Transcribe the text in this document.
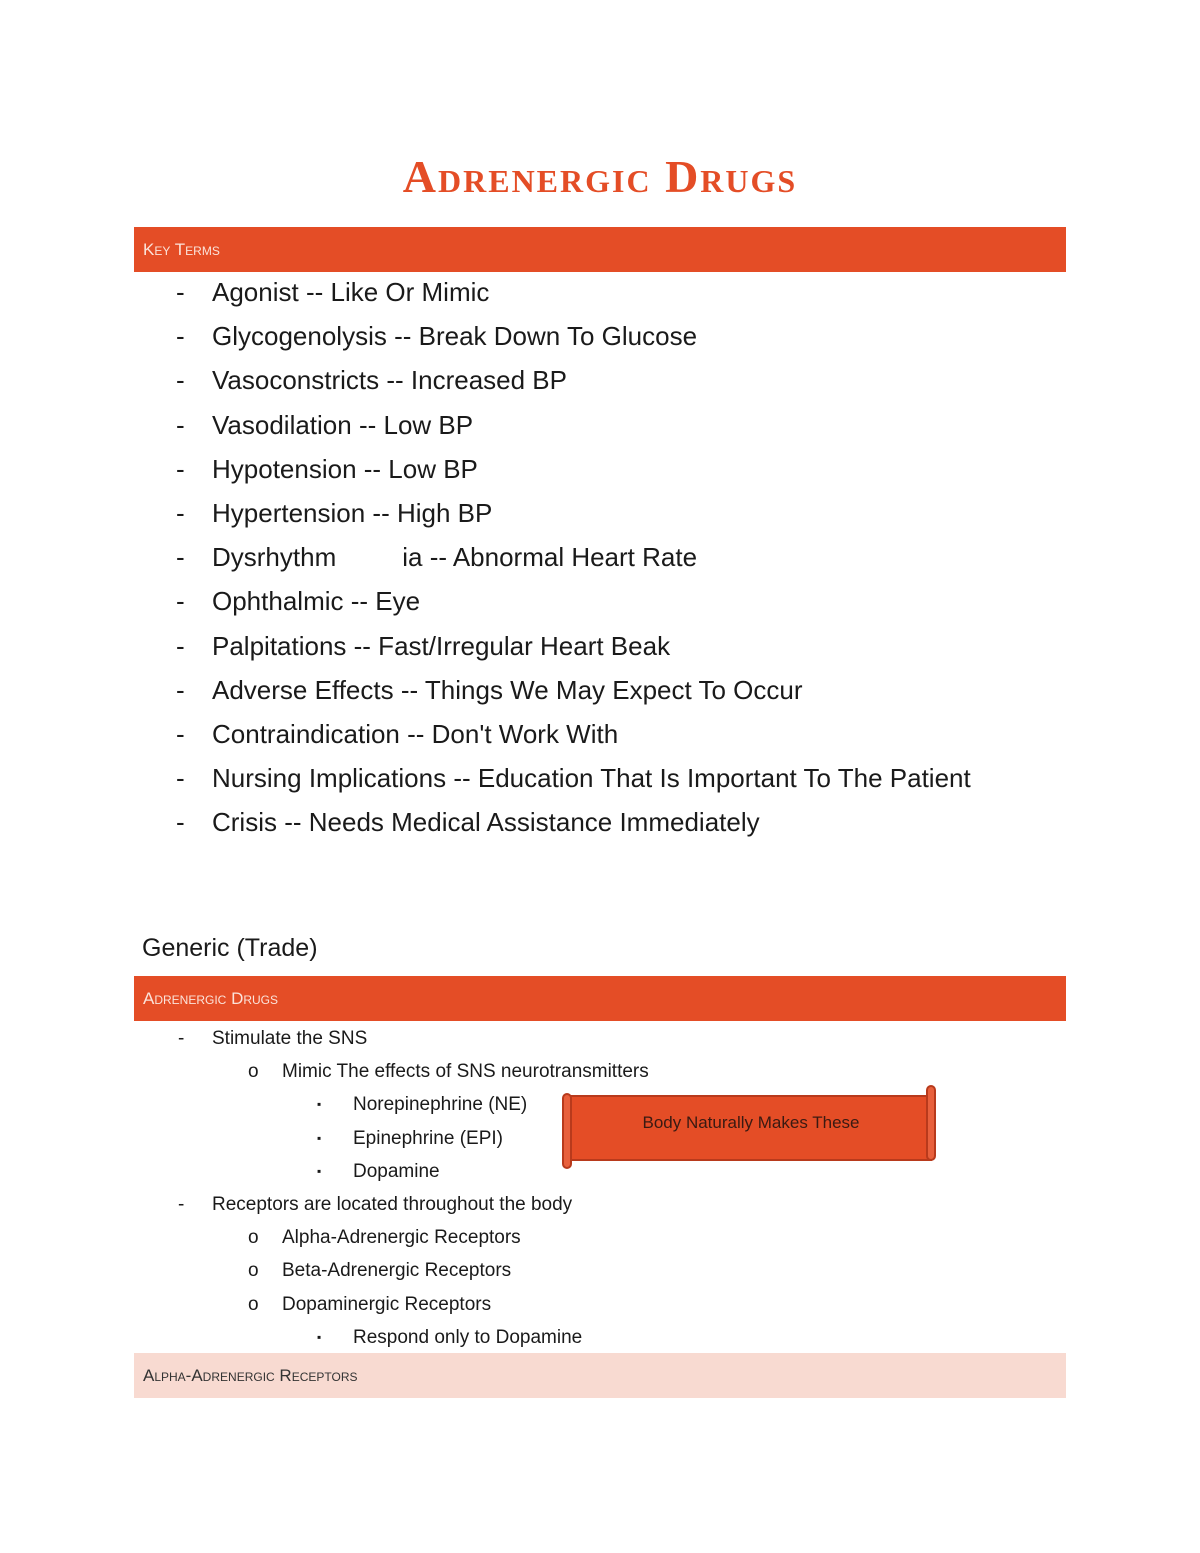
Adrenergic Drugs
Key Terms
- Agonist -- Like Or Mimic
- Glycogenolysis -- Break Down To Glucose
- Vasoconstricts -- Increased BP
- Vasodilation -- Low BP
- Hypotension -- Low BP
- Hypertension -- High BP
- Dysrhythm	ia -- Abnormal Heart Rate
- Ophthalmic -- Eye
- Palpitations -- Fast/Irregular Heart Beak
- Adverse Effects -- Things We May Expect To Occur
- Contraindication -- Don't Work With
- Nursing Implications -- Education That Is Important To The Patient
- Crisis -- Needs Medical Assistance Immediately
Generic (Trade)
Adrenergic Drugs
- Stimulate the SNS
o Mimic The effects of SNS neurotransmitters
▪ Norepinephrine (NE)
▪ Epinephrine (EPI)
▪ Dopamine
- Receptors are located throughout the body
o Alpha-Adrenergic Receptors
o Beta-Adrenergic Receptors
o Dopaminergic Receptors
▪ Respond only to Dopamine
Body Naturally Makes These
Alpha-Adrenergic Receptors
